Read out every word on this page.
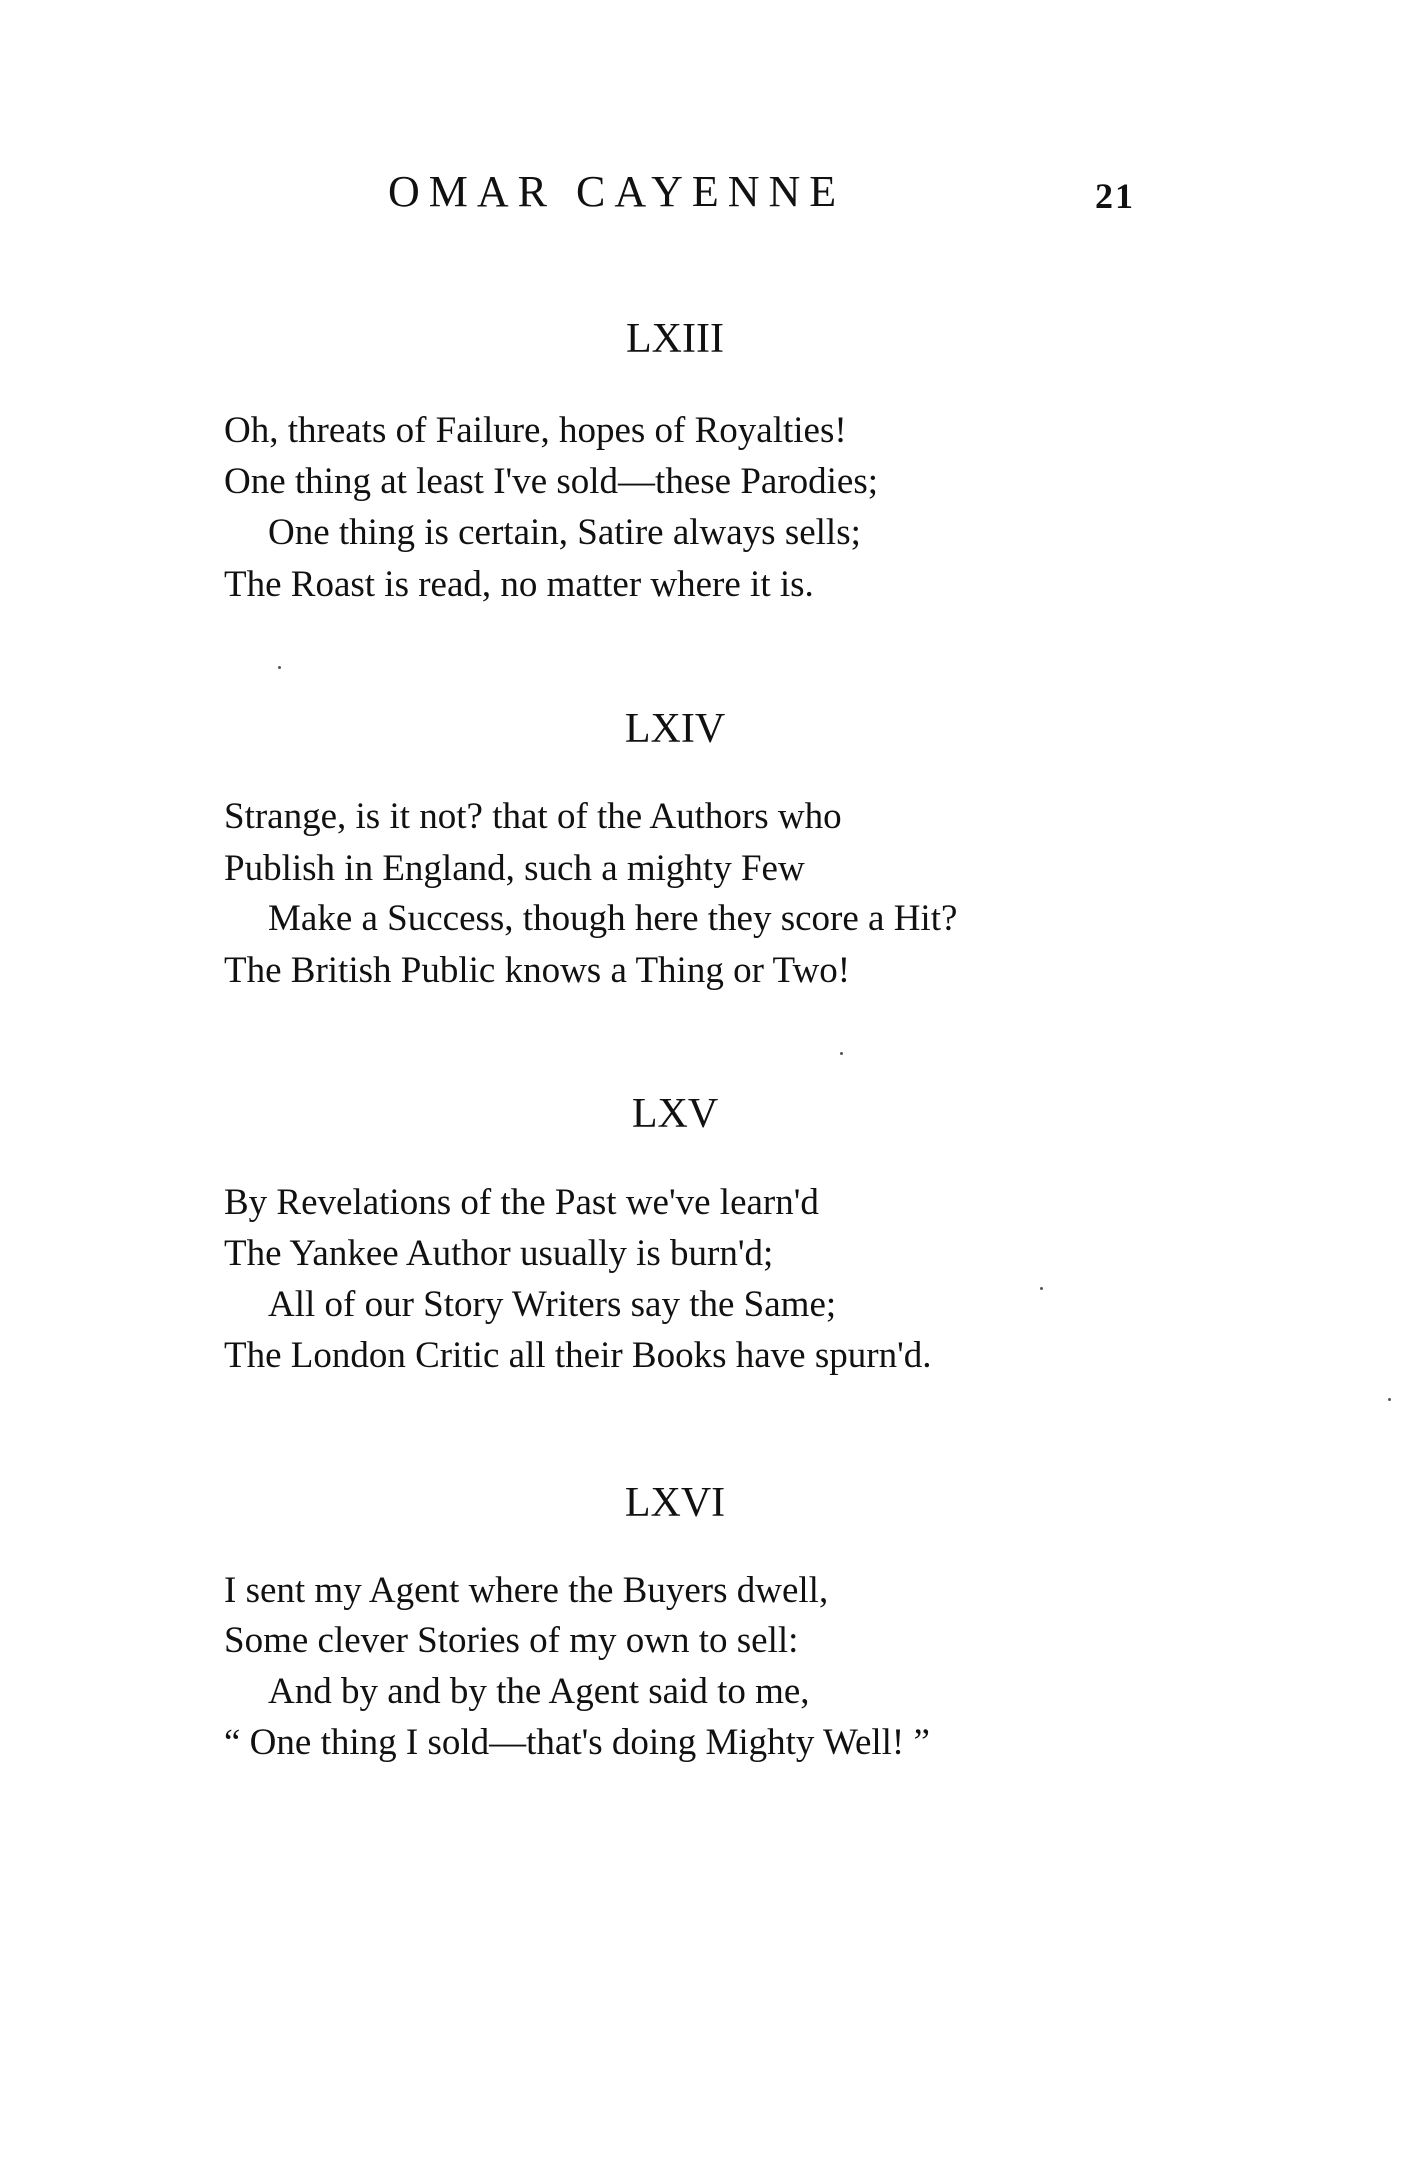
OMAR CAYENNE	21
LXIII
Oh, threats of Failure, hopes of Royalties!
One thing at least I've sold—these Parodies;
One thing is certain, Satire always sells;
The Roast is read, no matter where it is.
LXIV
Strange, is it not? that of the Authors who
Publish in England, such a mighty Few
Make a Success, though here they score a Hit?
The British Public knows a Thing or Two!
LXV
By Revelations of the Past we've learn'd
The Yankee Author usually is burn'd;
All of our Story Writers say the Same;
The London Critic all their Books have spurn'd.
LXVI
I sent my Agent where the Buyers dwell,
Some clever Stories of my own to sell:
And by and by the Agent said to me,
“ One thing I sold—that's doing Mighty Well! ”
